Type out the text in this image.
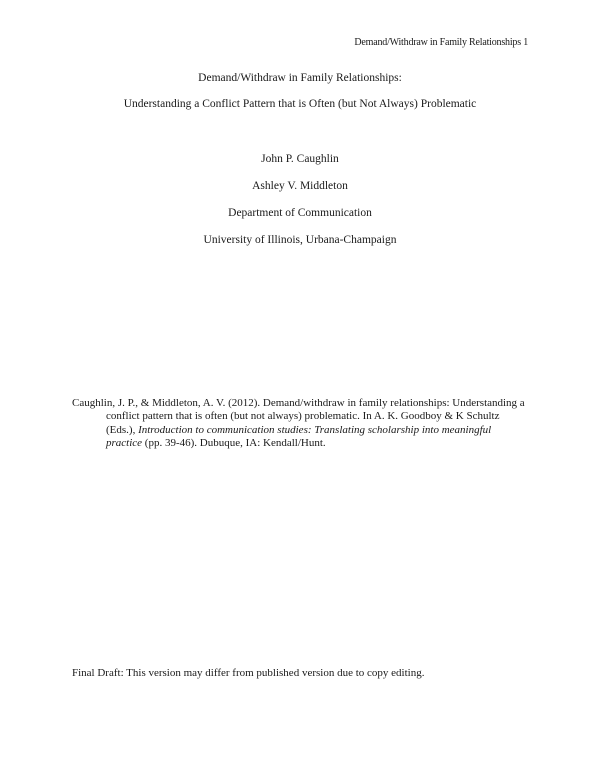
Demand/Withdraw in Family Relationships 1
Demand/Withdraw in Family Relationships:
Understanding a Conflict Pattern that is Often (but Not Always) Problematic
John P. Caughlin
Ashley V. Middleton
Department of Communication
University of Illinois, Urbana-Champaign
Caughlin, J. P., & Middleton, A. V. (2012). Demand/withdraw in family relationships: Understanding a conflict pattern that is often (but not always) problematic. In A. K. Goodboy & K Schultz (Eds.), Introduction to communication studies: Translating scholarship into meaningful practice (pp. 39-46). Dubuque, IA: Kendall/Hunt.
Final Draft: This version may differ from published version due to copy editing.
